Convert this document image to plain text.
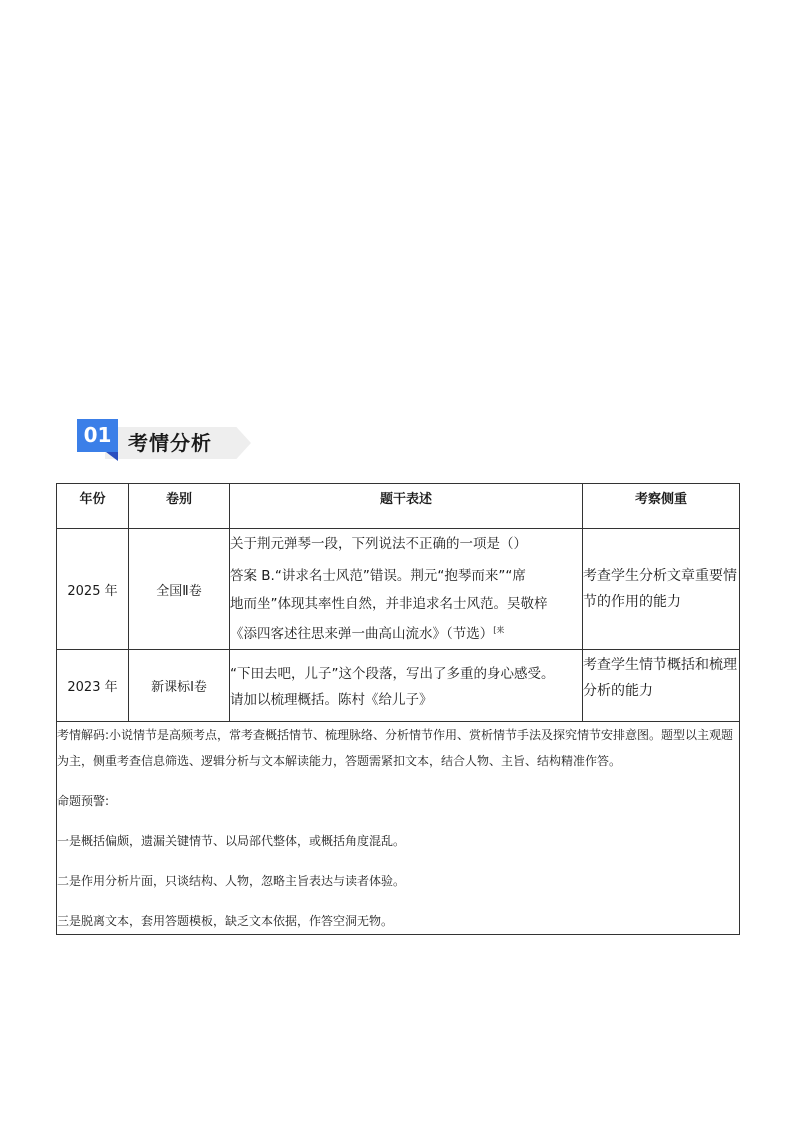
01 考情分析
年份	卷别	题干表述	考察侧重
2025 年	全国Ⅱ卷	关于荆元弹琴一段，下列说法不正确的一项是（）
答案 B.“讲求名士风范”错误。荆元“抱琴而来”“席
地而坐”体现其率性自然，并非追求名士风范。吴敬梓
《添四客述往思来弹一曲高山流水》（节选）$^{[来}$	考查学生分析文章重要情节的作用的能力
2023 年	新课标Ⅰ卷	“下田去吧，儿子”这个段落，写出了多重的身心感受。
请加以梳理概括。陈村《给儿子》	考查学生情节概括和梳理分析的能力

考情解码:小说情节是高频考点，常考查概括情节、梳理脉络、分析情节作用、赏析情节手法及探究情节安排意图。题型以主观题为主，侧重考查信息筛选、逻辑分析与文本解读能力，答题需紧扣文本，结合人物、主旨、结构精准作答。

命题预警:

一是概括偏颇，遗漏关键情节、以局部代整体，或概括角度混乱。

二是作用分析片面，只谈结构、人物，忽略主旨表达与读者体验。

三是脱离文本，套用答题模板，缺乏文本依据，作答空洞无物。			
